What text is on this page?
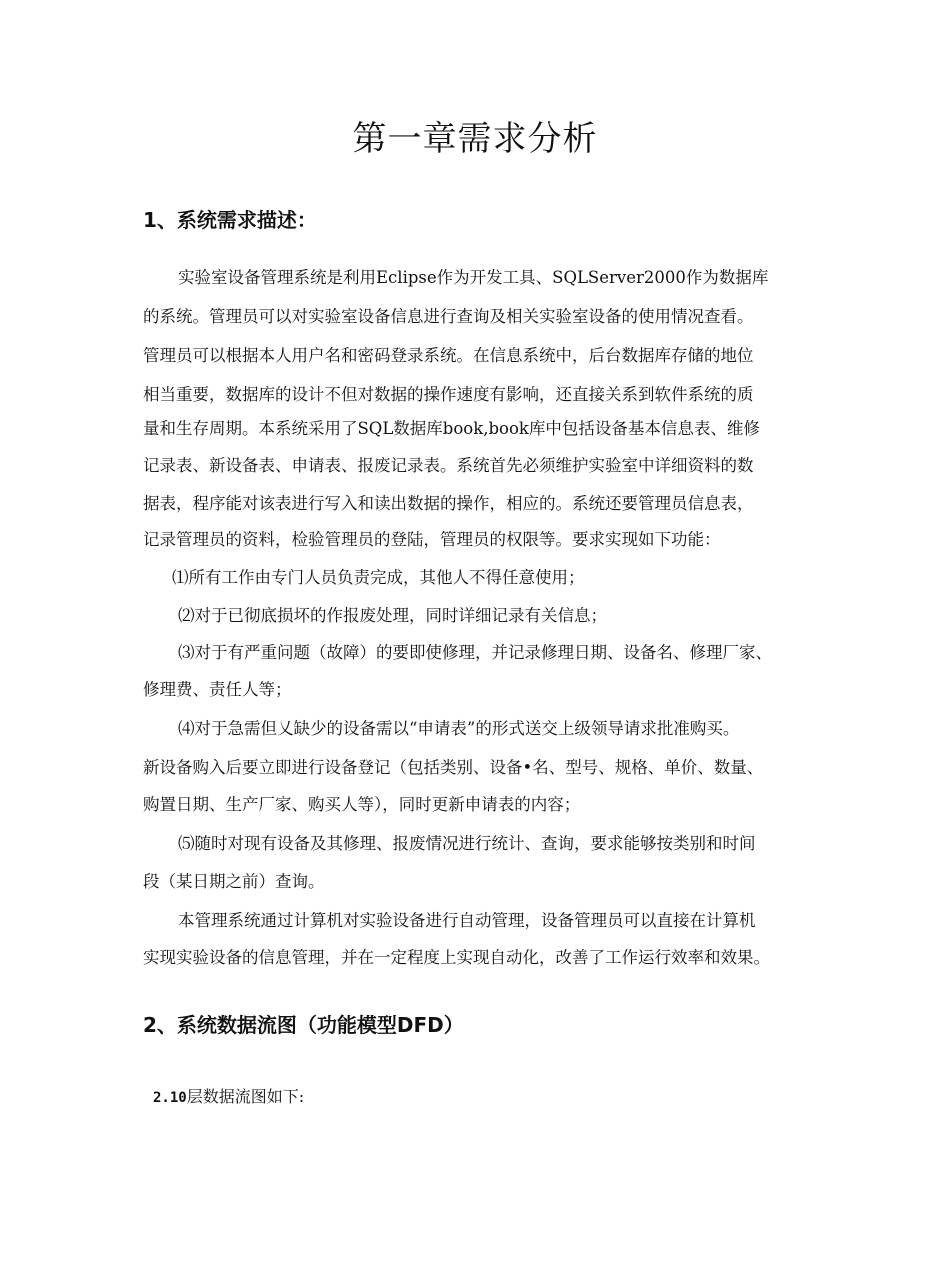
第一章需求分析
1、系统需求描述：
实验室设备管理系统是利用Eclipse作为开发工具、SQLServer2000作为数据库
的系统。管理员可以对实验室设备信息进行查询及相关实验室设备的使用情况查看。
管理员可以根据本人用户名和密码登录系统。在信息系统中，后台数据库存储的地位
相当重要，数据库的设计不但对数据的操作速度有影响，还直接关系到软件系统的质
量和生存周期。本系统采用了SQL数据库book,book库中包括设备基本信息表、维修
记录表、新设备表、申请表、报废记录表。系统首先必须维护实验室中详细资料的数
据表，程序能对该表进行写入和读出数据的操作，相应的。系统还要管理员信息表，
记录管理员的资料，检验管理员的登陆，管理员的权限等。要求实现如下功能：
⑴所有工作由专门人员负责完成，其他人不得任意使用；
⑵对于已彻底损坏的作报废处理，同时详细记录有关信息；
⑶对于有严重问题（故障）的要即使修理，并记录修理日期、设备名、修理厂家、
修理费、责任人等；
⑷对于急需但乂缺少的设备需以“申请表”的形式送交上级领导请求批准购买。
新设备购入后要立即进行设备登记（包括类别、设备•名、型号、规格、单价、数量、
购置日期、生产厂家、购买人等），同时更新申请表的内容；
⑸随时对现有设备及其修理、报废情况进行统计、查询，要求能够按类别和时间
段（某日期之前）查询。
本管理系统通过计算机对实验设备进行自动管理，设备管理员可以直接在计算机
实现实验设备的信息管理，并在一定程度上实现自动化，改善了工作运行效率和效果。
2、系统数据流图（功能模型DFD）
2.10层数据流图如下:
